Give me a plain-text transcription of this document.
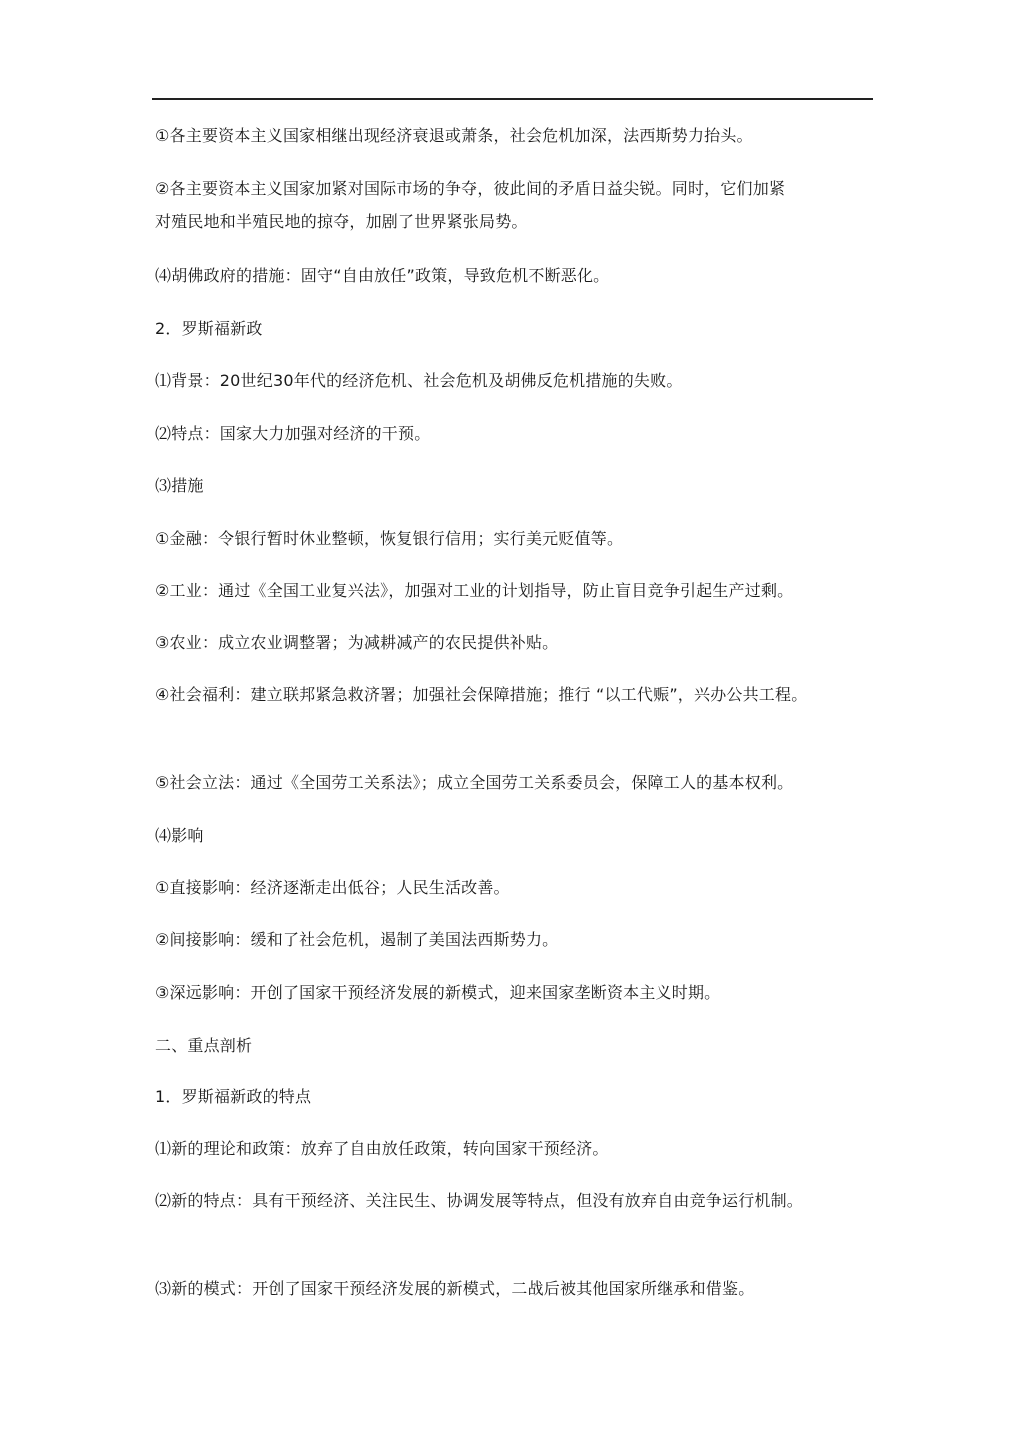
①各主要资本主义国家相继出现经济衰退或萧条，社会危机加深，法西斯势力抬头。
②各主要资本主义国家加紧对国际市场的争夺，彼此间的矛盾日益尖锐。同时，它们加紧
对殖民地和半殖民地的掠夺，加剧了世界紧张局势。
⑷胡佛政府的措施：固守“自由放任”政策，导致危机不断恶化。
2．罗斯福新政
⑴背景：20世纪30年代的经济危机、社会危机及胡佛反危机措施的失败。
⑵特点：国家大力加强对经济的干预。
⑶措施
①金融：令银行暂时休业整顿，恢复银行信用；实行美元贬值等。
②工业：通过《全国工业复兴法》，加强对工业的计划指导，防止盲目竞争引起生产过剩。
③农业：成立农业调整署；为减耕减产的农民提供补贴。
④社会福利：建立联邦紧急救济署；加强社会保障措施；推行 “以工代赈”，兴办公共工程。
⑤社会立法：通过《全国劳工关系法》；成立全国劳工关系委员会，保障工人的基本权利。
⑷影响
①直接影响：经济逐渐走出低谷；人民生活改善。
②间接影响：缓和了社会危机，遏制了美国法西斯势力。
③深远影响：开创了国家干预经济发展的新模式，迎来国家垄断资本主义时期。
二、重点剖析
1．罗斯福新政的特点
⑴新的理论和政策：放弃了自由放任政策，转向国家干预经济。
⑵新的特点：具有干预经济、关注民生、协调发展等特点，但没有放弃自由竞争运行机制。
⑶新的模式：开创了国家干预经济发展的新模式，二战后被其他国家所继承和借鉴。
